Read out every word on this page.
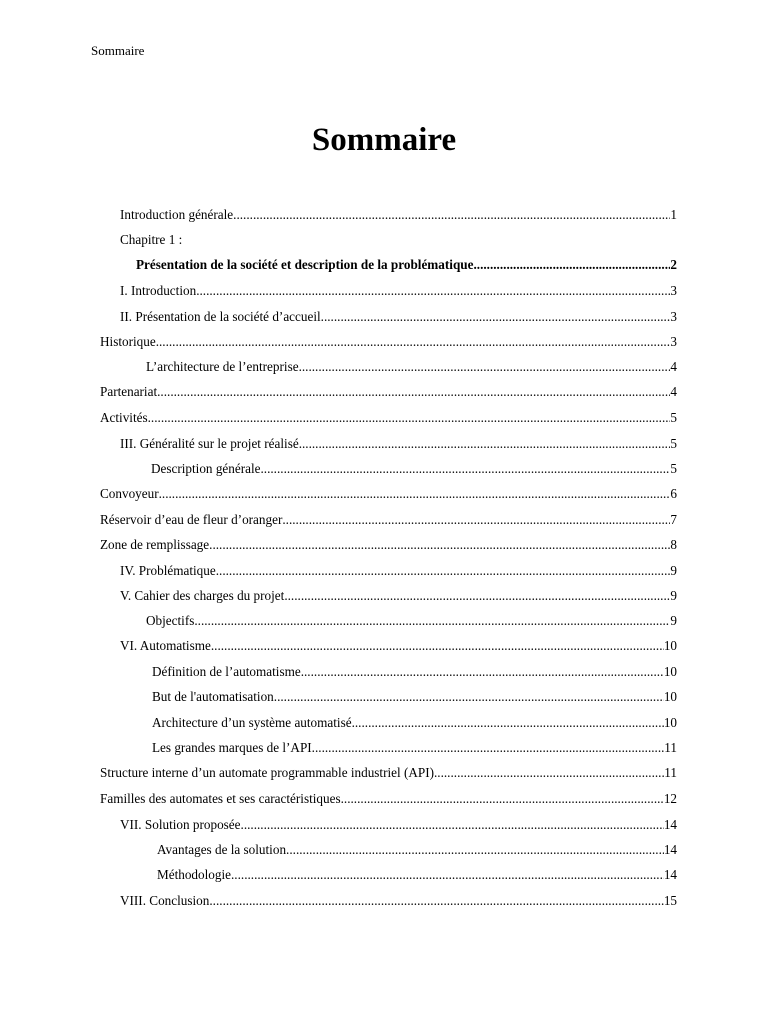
Sommaire
Sommaire
Introduction générale .....	1
Chapitre 1 :
Présentation de la société et description de la problématique .....	2
I. Introduction .....	3
II. Présentation de la société d’accueil .....	3
Historique .....	3
L’architecture de l’entreprise .....	4
Partenariat .....	4
Activités .....	5
III. Généralité sur le projet réalisé .....	5
Description générale .....	5
Convoyeur .....	6
Réservoir d’eau de fleur d’oranger .....	7
Zone de remplissage .....	8
IV. Problématique .....	9
V. Cahier des charges du projet .....	9
Objectifs .....	9
VI. Automatisme .....	10
Définition de l’automatisme .....	10
But de l'automatisation .....	10
Architecture d’un système automatisé .....	10
Les grandes marques de l’API .....	11
Structure interne d’un automate programmable industriel (API) .....	11
Familles des automates et ses caractéristiques .....	12
VII. Solution proposée .....	14
Avantages de la solution .....	14
Méthodologie .....	14
VIII. Conclusion .....	15
